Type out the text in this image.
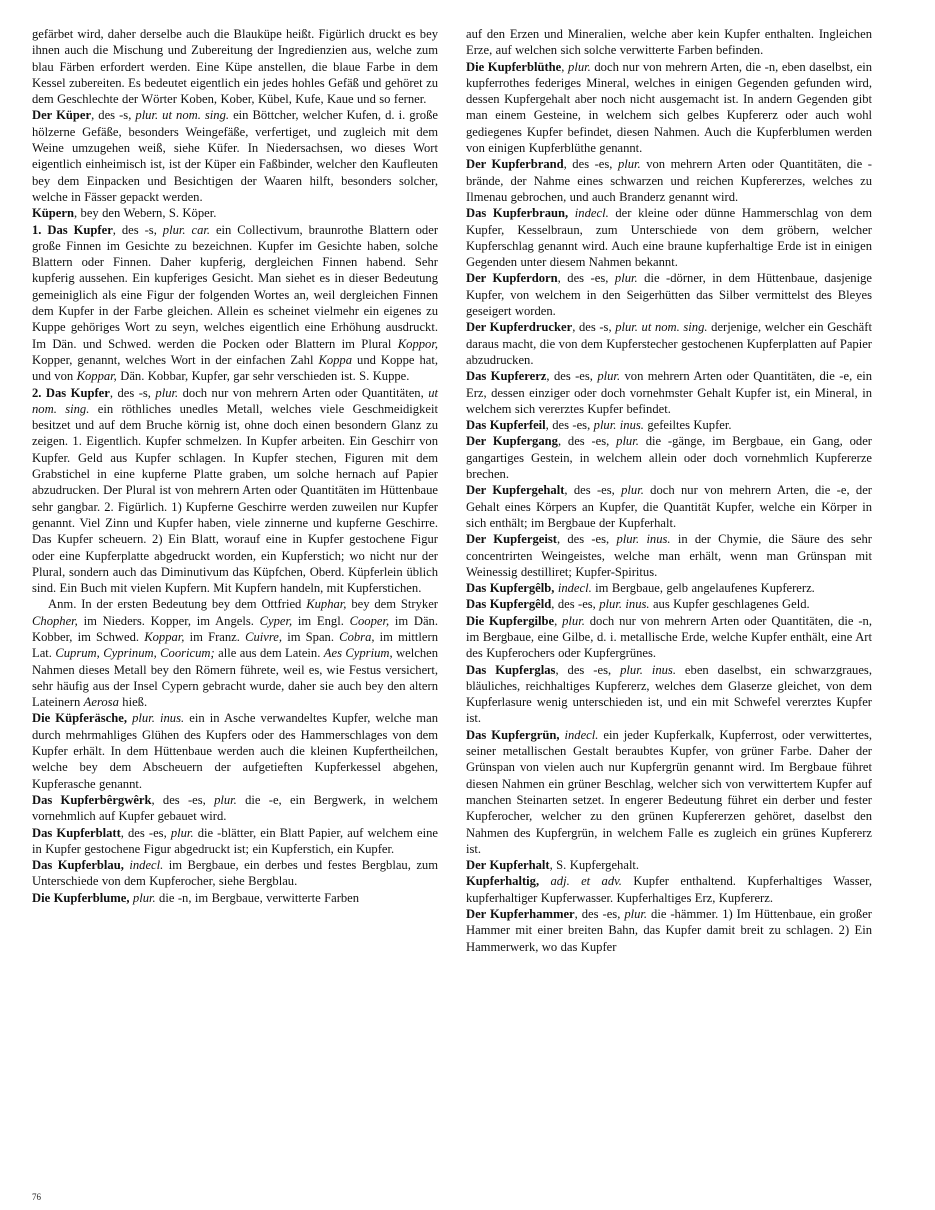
gefärbet wird, daher derselbe auch die Blauküpe heißt. Figürlich druckt es bey ihnen auch die Mischung und Zubereitung der Ingredienzien aus, welche zum blau Färben erfordert werden. Eine Küpe anstellen, die blaue Farbe in dem Kessel zubereiten. Es bedeutet eigentlich ein jedes hohles Gefäß und gehöret zu dem Geschlechte der Wörter Koben, Kober, Kübel, Kufe, Kaue und so ferner.

Der Küper, des -s, plur. ut nom. sing. ein Böttcher, welcher Kufen, d. i. große hölzerne Gefäße, besonders Weingefäße, verfertiget, und zugleich mit dem Weine umzugehen weiß, siehe Küfer. In Niedersachsen, wo dieses Wort eigentlich einheimisch ist, ist der Küper ein Faßbinder, welcher den Kaufleuten bey dem Einpacken und Besichtigen der Waaren hilft, besonders solcher, welche in Fässer gepackt werden.

Küpern, bey den Webern, S. Köper.

1. Das Kupfer, des -s, plur. car. ein Collectivum, braunrothe Blattern oder große Finnen im Gesichte zu bezeichnen. Kupfer im Gesichte haben, solche Blattern oder Finnen. Daher kupferig, dergleichen Finnen habend. Sehr kupferig aussehen. Ein kupferiges Gesicht. Man siehet es in dieser Bedeutung gemeiniglich als eine Figur der folgenden Wortes an, weil dergleichen Finnen dem Kupfer in der Farbe gleichen. Allein es scheinet vielmehr ein eigenes zu Kuppe gehöriges Wort zu seyn, welches eigentlich eine Erhöhung ausdruckt. Im Dän. und Schwed. werden die Pocken oder Blattern im Plural Koppor, Kopper, genannt, welches Wort in der einfachen Zahl Koppa und Koppe hat, und von Koppar, Dän. Kobbar, Kupfer, gar sehr verschieden ist. S. Kuppe.

2. Das Kupfer, des -s, plur. doch nur von mehrern Arten oder Quantitäten, ut nom. sing. ein röthliches unedles Metall, welches viele Geschmeidigkeit besitzet und auf dem Bruche körnig ist, ohne doch einen besondern Glanz zu zeigen. 1. Eigentlich. Kupfer schmelzen. In Kupfer arbeiten. Ein Geschirr von Kupfer. Geld aus Kupfer schlagen. In Kupfer stechen, Figuren mit dem Grabstichel in eine kupferne Platte graben, um solche hernach auf Papier abzudrucken. Der Plural ist von mehrern Arten oder Quantitäten im Hüttenbaue sehr gangbar. 2. Figürlich. 1) Kupferne Geschirre werden zuweilen nur Kupfer genannt. Viel Zinn und Kupfer haben, viele zinnerne und kupferne Geschirre. Das Kupfer scheuern. 2) Ein Blatt, worauf eine in Kupfer gestochene Figur oder eine Kupferplatte abgedruckt worden, ein Kupferstich; wo nicht nur der Plural, sondern auch das Diminutivum das Küpfchen, Oberd. Küpferlein üblich sind. Ein Buch mit vielen Kupfern. Mit Kupfern handeln, mit Kupferstichen.

Anm. In der ersten Bedeutung bey dem Ottfried Kuphar, bey dem Stryker Chopher, im Nieders. Kopper, im Angels. Cyper, im Engl. Cooper, im Dän. Kobber, im Schwed. Koppar, im Franz. Cuivre, im Span. Cobra, im mittlern Lat. Cuprum, Cyprinum, Cooricum; alle aus dem Latein. Aes Cyprium, welchen Nahmen dieses Metall bey den Römern führete, weil es, wie Festus versichert, sehr häufig aus der Insel Cypern gebracht wurde, daher sie auch bey den altern Lateinern Aerosa hieß.

Die Küpferäsche, plur. inus. ein in Asche verwandeltes Kupfer, welche man durch mehrmahliges Glühen des Kupfers oder des Hammerschlages von dem Kupfer erhält. In dem Hüttenbaue werden auch die kleinen Kupfertheilchen, welche bey dem Abscheuern der aufgetieften Kupferkessel abgehen, Kupferasche genannt.

Das Kupferbêrgwêrk, des -es, plur. die -e, ein Bergwerk, in welchem vornehmlich auf Kupfer gebauet wird.

Das Kupferblatt, des -es, plur. die -blätter, ein Blatt Papier, auf welchem eine in Kupfer gestochene Figur abgedruckt ist; ein Kupferstich, ein Kupfer.

Das Kupferblau, indecl. im Bergbaue, ein derbes und festes Bergblau, zum Unterschiede von dem Kupferocher, siehe Bergblau.

Die Kupferblume, plur. die -n, im Bergbaue, verwitterte Farben

auf den Erzen und Mineralien, welche aber kein Kupfer enthalten. Ingleichen Erze, auf welchen sich solche verwitterte Farben befinden.

Die Kupferblüthe, plur. doch nur von mehrern Arten, die -n, eben daselbst, ein kupferrothes federiges Mineral, welches in einigen Gegenden gefunden wird, dessen Kupfergehalt aber noch nicht ausgemacht ist. In andern Gegenden gibt man einem Gesteine, in welchem sich gelbes Kupfererz oder auch wohl gediegenes Kupfer befindet, diesen Nahmen. Auch die Kupferblumen werden von einigen Kupferblüthe genannt.

Der Kupferbrand, des -es, plur. von mehrern Arten oder Quantitäten, die -brände, der Nahme eines schwarzen und reichen Kupfererzes, welches zu Ilmenau gebrochen, und auch Branderz genannt wird.

Das Kupferbraun, indecl. der kleine oder dünne Hammerschlag von dem Kupfer, Kesselbraun, zum Unterschiede von dem gröbern, welcher Kupferschlag genannt wird. Auch eine braune kupferhaltige Erde ist in einigen Gegenden unter diesem Nahmen bekannt.

Der Kupferdorn, des -es, plur. die -dörner, in dem Hüttenbaue, dasjenige Kupfer, von welchem in den Seigerhütten das Silber vermittelst des Bleyes geseigert worden.

Der Kupferdrucker, des -s, plur. ut nom. sing. derjenige, welcher ein Geschäft daraus macht, die von dem Kupferstecher gestochenen Kupferplatten auf Papier abzudrucken.

Das Kupfererz, des -es, plur. von mehrern Arten oder Quantitäten, die -e, ein Erz, dessen einziger oder doch vornehmster Gehalt Kupfer ist, ein Mineral, in welchem sich vererztes Kupfer befindet.

Das Kupferfeil, des -es, plur. inus. gefeiltes Kupfer.

Der Kupfergang, des -es, plur. die -gänge, im Bergbaue, ein Gang, oder gangartiges Gestein, in welchem allein oder doch vornehmlich Kupfererze brechen.

Der Kupfergehalt, des -es, plur. doch nur von mehrern Arten, die -e, der Gehalt eines Körpers an Kupfer, die Quantität Kupfer, welche ein Körper in sich enthält; im Bergbaue der Kupferhalt.

Der Kupfergeist, des -es, plur. inus. in der Chymie, die Säure des sehr concentrirten Weingeistes, welche man erhält, wenn man Grünspan mit Weinessig destilliret; Kupfer-Spiritus.

Das Kupfergêlb, indecl. im Bergbaue, gelb angelaufenes Kupfererz.

Das Kupfergêld, des -es, plur. inus. aus Kupfer geschlagenes Geld.

Die Kupfergilbe, plur. doch nur von mehrern Arten oder Quantitäten, die -n, im Bergbaue, eine Gilbe, d. i. metallische Erde, welche Kupfer enthält, eine Art des Kupferochers oder Kupfergrünes.

Das Kupferglas, des -es, plur. inus. eben daselbst, ein schwarzgraues, bläuliches, reichhaltiges Kupfererz, welches dem Glaserze gleichet, von dem Kupferlasure wenig unterschieden ist, und ein mit Schwefel vererztes Kupfer ist.

Das Kupfergrün, indecl. ein jeder Kupferkalk, Kupferrost, oder verwittertes, seiner metallischen Gestalt beraubtes Kupfer, von grüner Farbe. Daher der Grünspan von vielen auch nur Kupfergrün genannt wird. Im Bergbaue führet diesen Nahmen ein grüner Beschlag, welcher sich von verwittertem Kupfer auf manchen Steinarten setzet. In engerer Bedeutung führet ein derber und fester Kupferocher, welcher zu den grünen Kupfererzen gehöret, daselbst den Nahmen des Kupfergrün, in welchem Falle es zugleich ein grünes Kupfererz ist.

Der Kupferhalt, S. Kupfergehalt.

Kupferhaltig, adj. et adv. Kupfer enthaltend. Kupferhaltiges Wasser, kupferhaltiger Kupferwasser. Kupferhaltiges Erz, Kupfererz.

Der Kupferhammer, des -es, plur. die -hämmer. 1) Im Hüttenbaue, ein großer Hammer mit einer breiten Bahn, das Kupfer damit breit zu schlagen. 2) Ein Hammerwerk, wo das Kupfer

76
